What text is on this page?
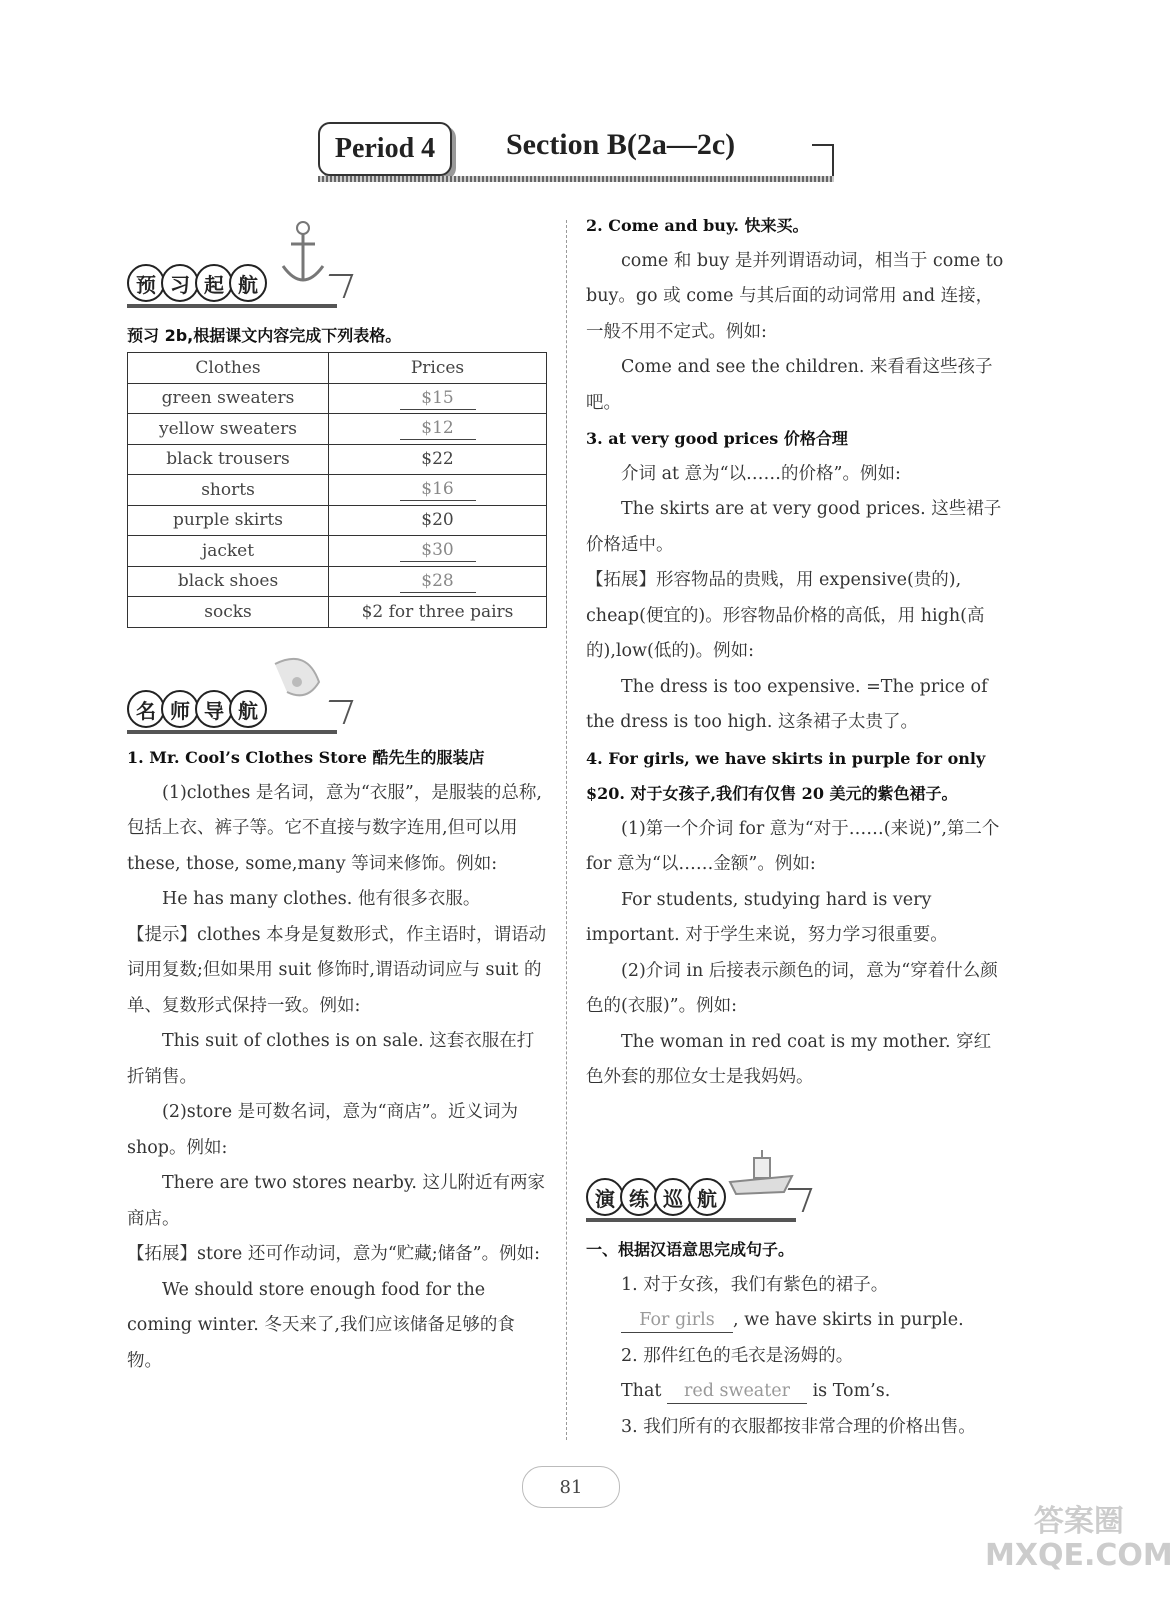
Period 4	Section B(2a—2c)
预 习 起 航
预习 2b,根据课文内容完成下列表格。
Clothes	Prices
green sweaters	$15
yellow sweaters	$12
black trousers	$22
shorts	$16
purple skirts	$20
jacket	$30
black shoes	$28
socks	$2 for three pairs
名 师 导 航

1. Mr. Cool’s Clothes Store 酷先生的服装店

(1)clothes 是名词，意为“衣服”，是服装的总称,包括上衣、裤子等。它不直接与数字连用,但可以用 these, those, some,many 等词来修饰。例如:

He has many clothes. 他有很多衣服。

【提示】clothes 本身是复数形式，作主语时，谓语动词用复数;但如果用 suit 修饰时,谓语动词应与 suit 的单、复数形式保持一致。例如:

This suit of clothes is on sale. 这套衣服在打折销售。

(2)store 是可数名词，意为“商店”。近义词为 shop。例如:

There are two stores nearby. 这儿附近有两家商店。

【拓展】store 还可作动词，意为“贮藏;储备”。例如:

We should store enough food for the coming winter. 冬天来了,我们应该储备足够的食物。

2. Come and buy. 快来买。

come 和 buy 是并列谓语动词，相当于 come to buy。go 或 come 与其后面的动词常用 and 连接，一般不用不定式。例如:

Come and see the children. 来看看这些孩子吧。

3. at very good prices 价格合理

介词 at 意为“以……的价格”。例如:

The skirts are at very good prices. 这些裙子价格适中。

【拓展】形容物品的贵贱，用 expensive(贵的), cheap(便宜的)。形容物品价格的高低，用 high(高的),low(低的)。例如:

The dress is too expensive. =The price of the dress is too high. 这条裙子太贵了。

4. For girls, we have skirts in purple for only $20. 对于女孩子,我们有仅售 20 美元的紫色裙子。

(1)第一个介词 for 意为“对于……(来说)”,第二个 for 意为“以……金额”。例如:

For students, studying hard is very important. 对于学生来说，努力学习很重要。

(2)介词 in 后接表示颜色的词，意为“穿着什么颜色的(衣服)”。例如:

The woman in red coat is my mother. 穿红色外套的那位女士是我妈妈。

演 练 巡 航

一、根据汉语意思完成句子。

1. 对于女孩，我们有紫色的裙子。

For girls , we have skirts in purple.

2. 那件红色的毛衣是汤姆的。

That red sweater is Tom’s.

3. 我们所有的衣服都按非常合理的价格出售。

81
答案圈 MXQE.COM
